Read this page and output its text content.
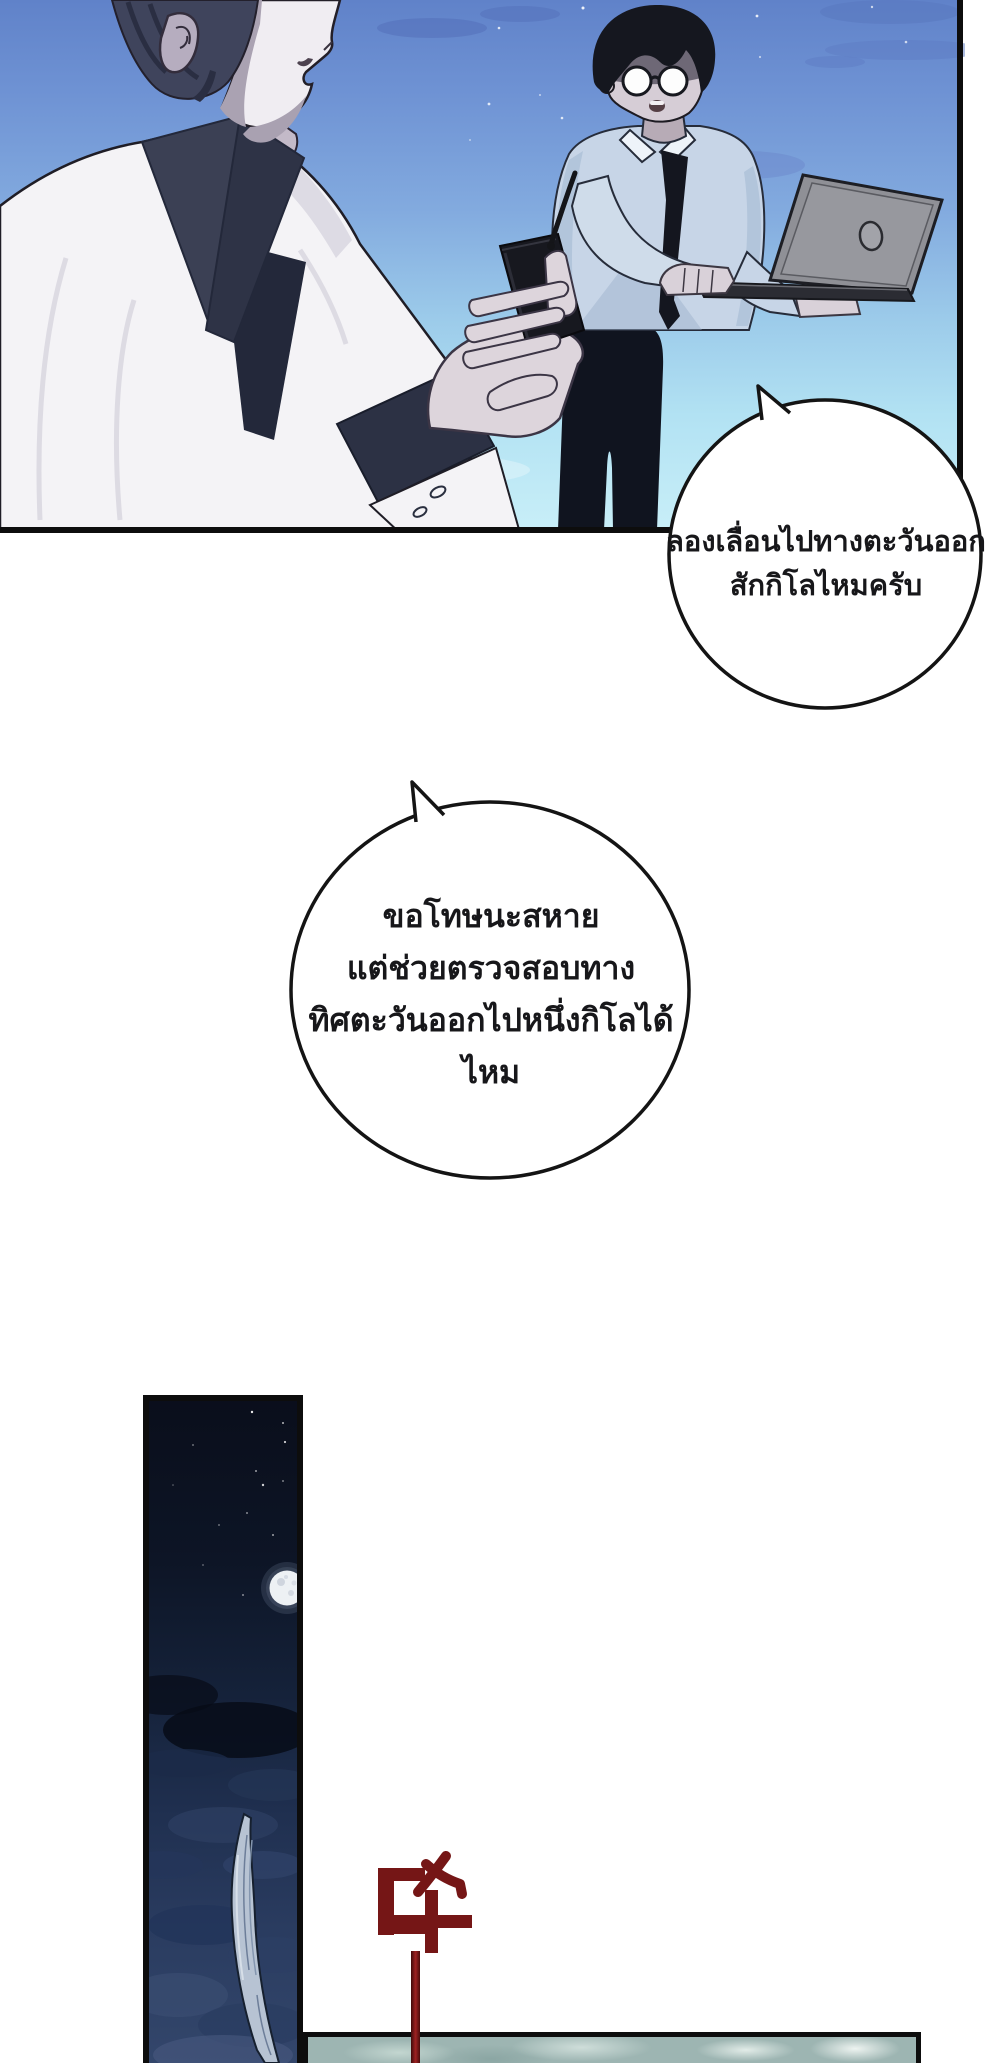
ลองเลื่อนไปทางตะวันออก
สักกิโลไหมครับ
ขอโทษนะสหาย
แต่ช่วยตรวจสอบทาง
ทิศตะวันออกไปหนึ่งกิโลได้ไหม
